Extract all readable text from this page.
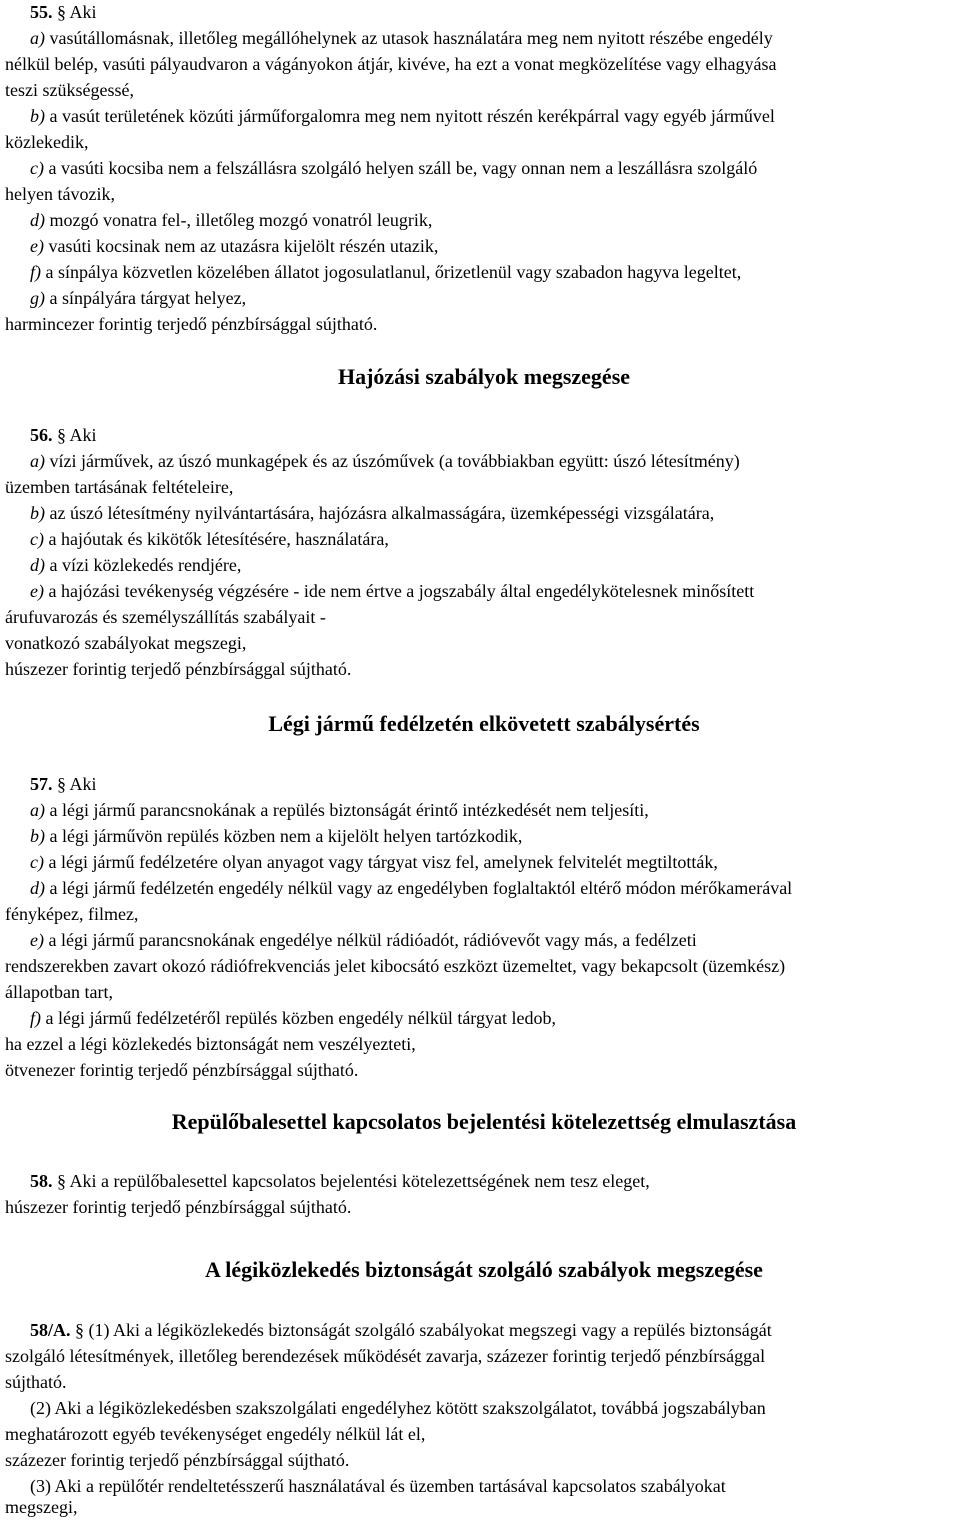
55. § Aki
a) vasútállomásnak, illetőleg megállóhelynek az utasok használatára meg nem nyitott részébe engedély
nélkül belép, vasúti pályaudvaron a vágányokon átjár, kivéve, ha ezt a vonat megközelítése vagy elhagyása
teszi szükségessé,
b) a vasút területének közúti járműforgalomra meg nem nyitott részén kerékpárral vagy egyéb járművel
közlekedik,
c) a vasúti kocsiba nem a felszállásra szolgáló helyen száll be, vagy onnan nem a leszállásra szolgáló
helyen távozik,
d) mozgó vonatra fel-, illetőleg mozgó vonatról leugrik,
e) vasúti kocsinak nem az utazásra kijelölt részén utazik,
f) a sínpálya közvetlen közelében állatot jogosulatlanul, őrizetlenül vagy szabadon hagyva legeltet,
g) a sínpályára tárgyat helyez,
harmincezer forintig terjedő pénzbírsággal sújtható.
Hajózási szabályok megszegése
56. § Aki
a) vízi járművek, az úszó munkagépek és az úszóművek (a továbbiakban együtt: úszó létesítmény)
üzemben tartásának feltételeire,
b) az úszó létesítmény nyilvántartására, hajózásra alkalmasságára, üzemképességi vizsgálatára,
c) a hajóutak és kikötők létesítésére, használatára,
d) a vízi közlekedés rendjére,
e) a hajózási tevékenység végzésére - ide nem értve a jogszabály által engedélykötelesnek minősített
árufuvarozás és személyszállítás szabályait -
vonatkozó szabályokat megszegi,
húszezer forintig terjedő pénzbírsággal sújtható.
Légi jármű fedélzetén elkövetett szabálysértés
57. § Aki
a) a légi jármű parancsnokának a repülés biztonságát érintő intézkedését nem teljesíti,
b) a légi járművön repülés közben nem a kijelölt helyen tartózkodik,
c) a légi jármű fedélzetére olyan anyagot vagy tárgyat visz fel, amelynek felvitelét megtiltották,
d) a légi jármű fedélzetén engedély nélkül vagy az engedélyben foglaltaktól eltérő módon mérőkamerával
fényképez, filmez,
e) a légi jármű parancsnokának engedélye nélkül rádióadót, rádióvevőt vagy más, a fedélzeti
rendszerekben zavart okozó rádiófrekvenciás jelet kibocsátó eszközt üzemeltet, vagy bekapcsolt (üzemkész)
állapotban tart,
f) a légi jármű fedélzetéről repülés közben engedély nélkül tárgyat ledob,
ha ezzel a légi közlekedés biztonságát nem veszélyezteti,
ötvenezer forintig terjedő pénzbírsággal sújtható.
Repülőbalesettel kapcsolatos bejelentési kötelezettség elmulasztása
58. § Aki a repülőbalesettel kapcsolatos bejelentési kötelezettségének nem tesz eleget,
húszezer forintig terjedő pénzbírsággal sújtható.
A légiközlekedés biztonságát szolgáló szabályok megszegése
58/A. § (1) Aki a légiközlekedés biztonságát szolgáló szabályokat megszegi vagy a repülés biztonságát
szolgáló létesítmények, illetőleg berendezések működését zavarja, százezer forintig terjedő pénzbírsággal
sújtható.
(2) Aki a légiközlekedésben szakszolgálati engedélyhez kötött szakszolgálatot, továbbá jogszabályban
meghatározott egyéb tevékenységet engedély nélkül lát el,
százezer forintig terjedő pénzbírsággal sújtható.
(3) Aki a repülőtér rendeltetésszerű használatával és üzemben tartásával kapcsolatos szabályokat
megszegi,
